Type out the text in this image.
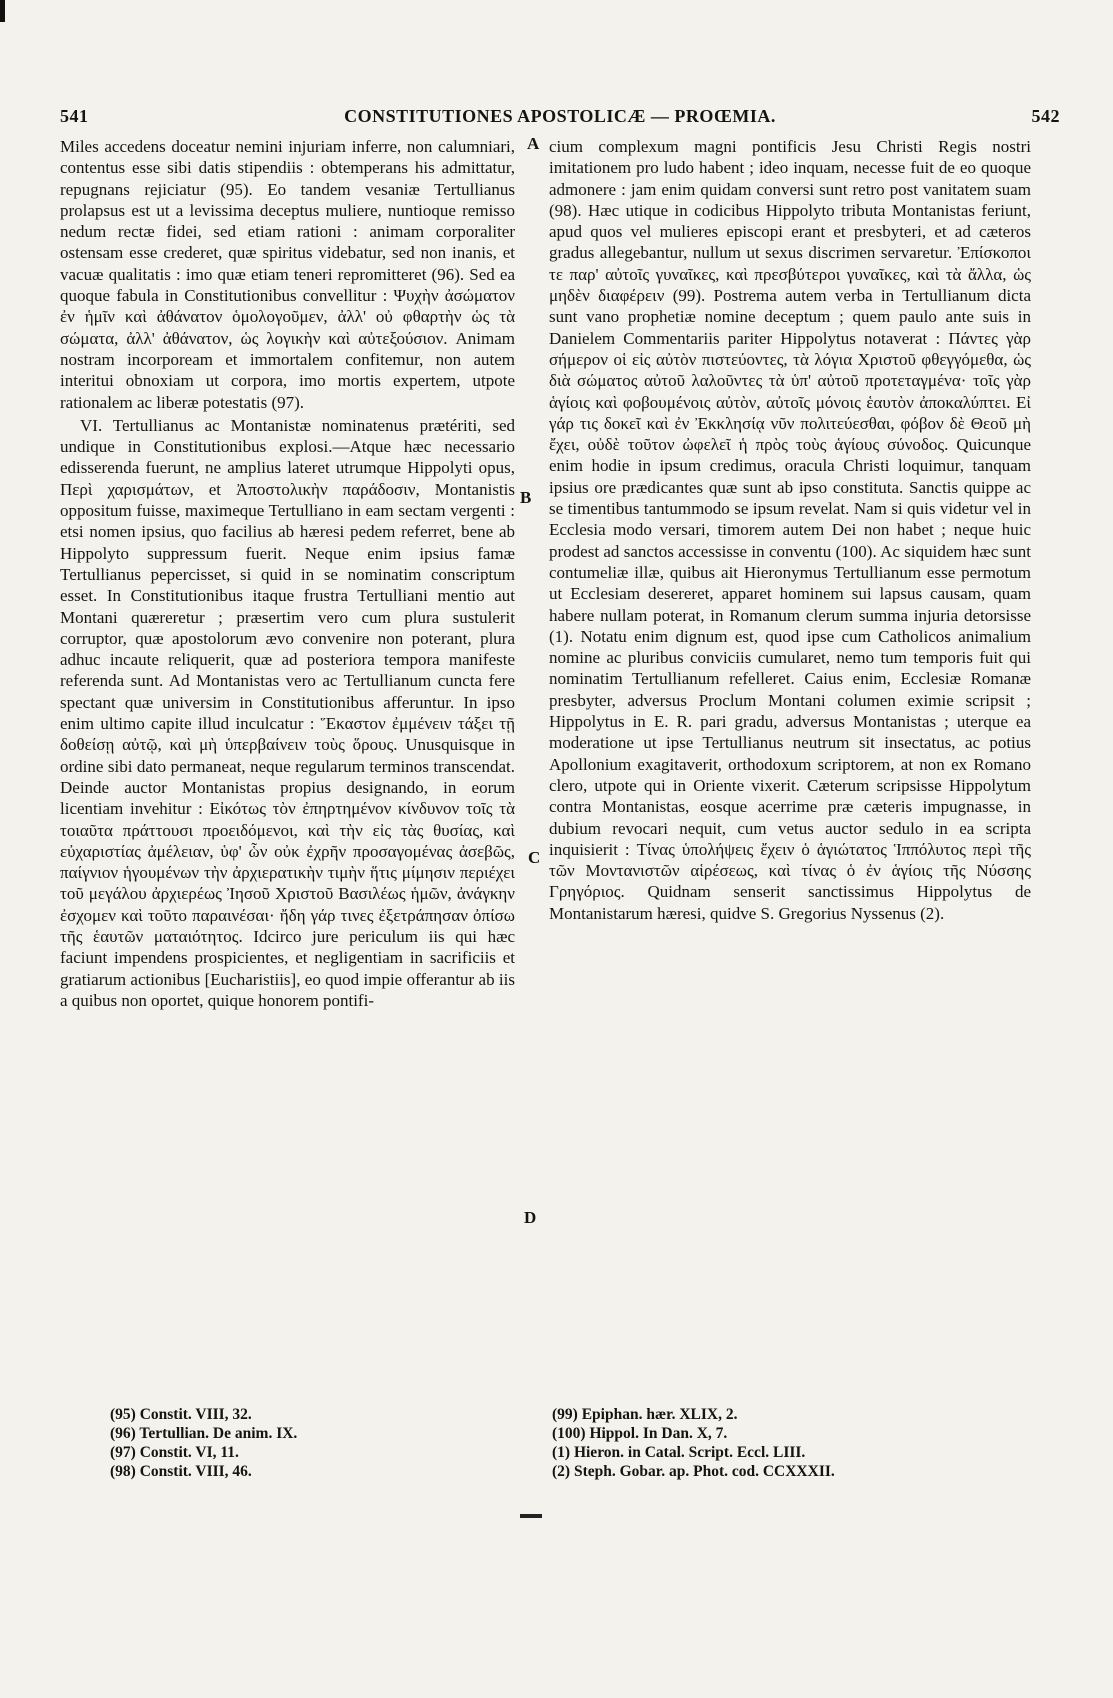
541	CONSTITUTIONES APOSTOLICÆ — PROŒMIA.	542

Miles accedens doceatur nemini injuriam inferre, non calumniari, contentus esse sibi datis stipendiis : obtemperans his admittatur, repugnans rejiciatur (95). Eo tandem vesaniæ Tertullianus prolapsus est ut a levissima deceptus muliere, nuntioque remisso nedum rectæ fidei, sed etiam rationi : animam corporaliter ostensam esse crederet, quæ spiritus videbatur, sed non inanis, et vacuæ qualitatis : imo quæ etiam teneri repromitteret (96). Sed ea quoque fabula in Constitutionibus convellitur : Ψυχὴν ἀσώματον ἐν ἡμῖν καὶ ἀθάνατον ὁμολογοῦμεν, ἀλλ' οὐ φθαρτὴν ὡς τὰ σώματα, ἀλλ' ἀθάνατον, ὡς λογικὴν καὶ αὐτεξούσιον. Animam nostram incorpoream et immortalem confitemur, non autem interitui obnoxiam ut corpora, imo mortis expertem, utpote rationalem ac liberæ potestatis (97).

VI. Tertullianus ac Montanistæ nominatenus prætériti, sed undique in Constitutionibus explosi.—Atque hæc necessario edisserenda fuerunt, ne amplius lateret utrumque Hippolyti opus, Περὶ χαρισμάτων, et Ἀποστολικὴν παράδοσιν, Montanistis oppositum fuisse, maximeque Tertulliano in eam sectam vergenti : etsi nomen ipsius, quo facilius ab hæresi pedem referret, bene ab Hippolyto suppressum fuerit. Neque enim ipsius famæ Tertullianus pepercisset, si quid in se nominatim conscriptum esset. In Constitutionibus itaque frustra Tertulliani mentio aut Montani quæreretur ; præsertim vero cum plura sustulerit corruptor, quæ apostolorum ævo convenire non poterant, plura adhuc incaute reliquerit, quæ ad posteriora tempora manifeste referenda sunt. Ad Montanistas vero ac Tertullianum cuncta fere spectant quæ universim in Constitutionibus afferuntur. In ipso enim ultimo capite illud inculcatur : Ἕκαστον ἐμμένειν τάξει τῇ δοθείσῃ αὐτῷ, καὶ μὴ ὑπερβαίνειν τοὺς ὅρους. Unusquisque in ordine sibi dato permaneat, neque regularum terminos transcendat. Deinde auctor Montanistas propius designando, in eorum licentiam invehitur : Εἰκότως τὸν ἐπηρτημένον κίνδυνον τοῖς τὰ τοιαῦτα πράττουσι προειδόμενοι, καὶ τὴν εἰς τὰς θυσίας, καὶ εὐχαριστίας ἀμέλειαν, ὑφ' ὧν οὐκ ἐχρῆν προσαγομένας ἀσεβῶς, παίγνιον ἡγουμένων τὴν ἀρχιερατικὴν τιμὴν ἥτις μίμησιν περιέχει τοῦ μεγάλου ἀρχιερέως Ἰησοῦ Χριστοῦ Βασιλέως ἡμῶν, ἀνάγκην ἐσχομεν καὶ τοῦτο παραινέσαι· ἤδη γάρ τινες ἐξετράπησαν ὀπίσω τῆς ἑαυτῶν ματαιότητος. Idcirco jure periculum iis qui hæc faciunt impendens prospicientes, et negligentiam in sacrificiis et gratiarum actionibus [Eucharistiis], eo quod impie offerantur ab iis a quibus non oportet, quique honorem pontifi-

cium complexum magni pontificis Jesu Christi Regis nostri imitationem pro ludo habent ; ideo inquam, necesse fuit de eo quoque admonere : jam enim quidam conversi sunt retro post vanitatem suam (98). Hæc utique in codicibus Hippolyto tributa Montanistas feriunt, apud quos vel mulieres episcopi erant et presbyteri, et ad cæteros gradus allegebantur, nullum ut sexus discrimen servaretur. Ἐπίσκοποι τε παρ' αὐτοῖς γυναῖκες, καὶ πρεσβύτεροι γυναῖκες, καὶ τὰ ἄλλα, ὡς μηδὲν διαφέρειν (99). Postrema autem verba in Tertullianum dicta sunt vano prophetiæ nomine deceptum ; quem paulo ante suis in Danielem Commentariis pariter Hippolytus notaverat : Πάντες γὰρ σήμερον οἱ εἰς αὐτὸν πιστεύοντες, τὰ λόγια Χριστοῦ φθεγγόμεθα, ὡς διὰ σώματος αὐτοῦ λαλοῦντες τὰ ὑπ' αὐτοῦ προτεταγμένα· τοῖς γὰρ ἁγίοις καὶ φοβουμένοις αὐτὸν, αὐτοῖς μόνοις ἑαυτὸν ἀποκαλύπτει. Εἰ γάρ τις δοκεῖ καὶ ἐν Ἐκκλησίᾳ νῦν πολιτεύεσθαι, φόβον δὲ Θεοῦ μὴ ἔχει, οὐδὲ τοῦτον ὠφελεῖ ἡ πρὸς τοὺς ἁγίους σύνοδος. Quicunque enim hodie in ipsum credimus, oracula Christi loquimur, tanquam ipsius ore prædicantes quæ sunt ab ipso constituta. Sanctis quippe ac se timentibus tantummodo se ipsum revelat. Nam si quis videtur vel in Ecclesia modo versari, timorem autem Dei non habet ; neque huic prodest ad sanctos accessisse in conventu (100). Ac siquidem hæc sunt contumeliæ illæ, quibus ait Hieronymus Tertullianum esse permotum ut Ecclesiam desereret, apparet hominem sui lapsus causam, quam habere nullam poterat, in Romanum clerum summa injuria detorsisse (1). Notatu enim dignum est, quod ipse cum Catholicos animalium nomine ac pluribus conviciis cumularet, nemo tum temporis fuit qui nominatim Tertullianum refelleret. Caius enim, Ecclesiæ Romanæ presbyter, adversus Proclum Montani columen eximie scripsit ; Hippolytus in E. R. pari gradu, adversus Montanistas ; uterque ea moderatione ut ipse Tertullianus neutrum sit insectatus, ac potius Apollonium exagitaverit, orthodoxum scriptorem, at non ex Romano clero, utpote qui in Oriente vixerit. Cæterum scripsisse Hippolytum contra Montanistas, eosque acerrime præ cæteris impugnasse, in dubium revocari nequit, cum vetus auctor sedulo in ea scripta inquisierit : Τίνας ὑπολήψεις ἔχειν ὁ ἁγιώτατος Ἱππόλυτος περὶ τῆς τῶν Μοντανιστῶν αἱρέσεως, καὶ τίνας ὁ ἐν ἁγίοις τῆς Νύσσης Γρηγόριος. Quidnam senserit sanctissimus Hippolytus de Montanistarum hæresi, quidve S. Gregorius Nyssenus (2).

A
B
C
D
(95) Constit. VIII, 32.
(96) Tertullian. De anim. IX.
(97) Constit. VI, 11.
(98) Constit. VIII, 46.
(99) Epiphan. hær. XLIX, 2.
(100) Hippol. In Dan. X, 7.
(1) Hieron. in Catal. Script. Eccl. LIII.
(2) Steph. Gobar. ap. Phot. cod. CCXXXII.
